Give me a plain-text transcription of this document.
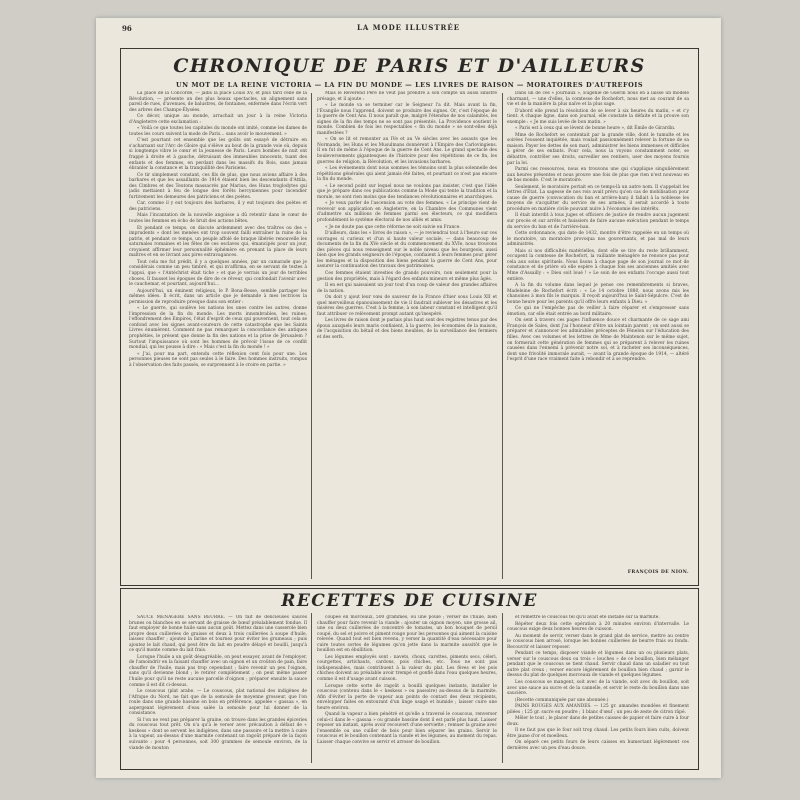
96	LA MODE ILLUSTRÉE
CHRONIQUE DE PARIS ET D'AILLEURS
UN MOT DE LA REINE VICTORIA — LA FIN DU MONDE — LES LIVRES DE RAISON — MORATOIRES D'AUTREFOIS

La place de la Concorde, — jadis la place Louis XV, et plus tard celle de la Révolution, — présente un des plus beaux spectacles, un alignement sans pareil de rues, d'avenues, de balustres, de fontaines, enfermée dans l'écrin vert des arbres des Champs-Élysées.

Ce décor, unique au monde, arrachait un jour à la reine Victoria d'Angleterre cette exclamation :

« Voilà ce que toutes les capitales du monde ont imité, comme les dames de toutes les cours suivent la mode de Paris… sans avoir le mouvement. »

C'est pourtant cet ensemble que les goûts ont essayé de détruire en s'acharnant sur l'Arc de Gloire qui s'élève au bout de la grande voie où, depuis si longtemps vibre le cœur et la jeunesse de Paris. Leurs bombes de nuit ont frappé à droite et à gauche, détruisant des immeubles innocents, tuant des enfants et des femmes, en perdant dans les massifs du Bois, sans jamais ébranler la constance et la tranquillité des Parisiens.

Ce tir simplement constant, ces fils de plus, que nous avions affaire à des barbares et que les assaillants de 1914 étaient bien les descendants d'Attila, des Cimbres et des Teutons massacrés par Marius, des Huns troglodytes qui jadis mettaient à feu de longue des forêts hercyniennes pour incendier furtivement les demeures des patriciens et des poètes.

Car, comme il y eut toujours des barbares, il y eut toujours des poètes et des patriciens.

Mais l'incantation de la nouvelle angoisse a dû retentir dans le cœur de toutes les femmes en écho de bruit des actions bêtes.

Et pendant ce temps, on discute ardemment avec des traîtres ou des « imprudents » dont les menées ont trop souvent failli entraîner la ruine de la patrie, et pendant ce temps, un peuple affolé de braque libérée renouvelle les saturnales romaines et les fêtes de ces esclaves qui, émancipés pour un jour, croyaient affirmer leur personnalité éphémère en prenant la place de leurs maîtres et en se livrant aux pires extravagances.

Tout cela me fut prédit, il y a quelques années, par un camarade que je considérais comme un peu timbré, et qui m'affirma, en se servant de textes à l'appui, que « l'Antéchrist était tiche » et que je verrais un jour de terribles choses. Il fausset les époques de dire de ce rêveur, qui confondait l'avenir avec le cauchemar, et pourtant, aujourd'hui…

Aujourd'hui, un éminent religieux, le P. Bona-Besse, semble partager les mêmes idées. Il écrit, dans un article que je demande à mes lectrices la permission de reproduire presque dans son entier :

« Le guerre, qui soulève les nations les unes contre les autres, donne l'impression de la fin du monde. Les morts innombrables, les ruines, l'effondrement des Empires, l'état d'esprit de ceux qui gouvernent, tout cela se confond avec les signes avant-coureurs de cette catastrophe que les Saints Livres énumèrent. Comment ne pas remarquer la concordance des antiques prophéties, le présent que donne la fin des nations et la prise de Jérusalem ? Surtout l'impuissance où sont les hommes de prévoir l'issue de ce conflit mondial, qui les pousse à dire : « Mais c'est la fin du monde ! »

« J'ai, pour ma part, entendu cette réflexion cent fois pour une. Les personnes pieuses ne sont pas seules à le faire. Des hommes instruits, rompus à l'observation des faits passés, se surprennent à le croire en partie. »

Mais le Révérend Père ne veut pas prendre à son compte un aussi sinistre présage, et il ajoute :

« Le monde va se terminer car le Seigneur l'a dit. Mais avant la fin, l'Évangile nous l'apprend, doivent se produire des signes. Or, c'est l'époque de la guerre de Cent Ans. Il nous paraît que, malgré l'étendue de nos calamités, les signes de la fin des temps ne se sont pas présentés. La Providence soutient le monde. Combien de fois les respectables « fin du monde » se sont-elles déjà manifestées ?

« On se lit et remonter au IVe et au Ve siècles avec les assauts que les Normands, les Huns et les Musulmans donnèrent à l'Empire des Carlovingiens. Il en fut de même à l'époque de la guerre de Cent Ans. Le grand spectacle des bouleversements gigantesques de l'histoire pour des répétitions de ce fin, les guerres de religion, la Révolution, et les invasions barbares.

« Les événements dont nous sommes les témoins sont la plus solennelle des répétitions générales qui aient jamais été faites, et pourtant ce n'est pas encore la fin du monde.

« Le second point sur lequel nous ne voulons pas insister, c'est que l'idée que je prépare dans ces publications comme la Mode qui tente la tradition et la morale, ne sont rien moins que des tendances révolutionnaires et anarchiques.

« Je veux parler de l'ascension au vote des femmes. « Le principe vient de recevoir son application en Angleterre, en la Chambre des Communes vient d'admettre six millions de femmes parmi ses électeurs, ce qui modifiera profondément le système électoral de nos alliés et amis.

« Je ne doute pas que cette réforme ne soit suivie en France.

D'ailleurs, dans les « livres de raison », — je reviendrai tout à l'heure sur ces ouvrages si curieux et d'un si haute valeur sociale, — dans beaucoup de documents de la fin du XVe siècle et du commencement du XVIe, nous trouvons des pièces qui nous renseignent sur le noble niveau que les bourgeois, aussi bien que les grands seigneurs de l'époque, confiaient à leurs femmes pour gérer les ménages et la disposition des biens pendant la guerre de Cent Ans, pour assurer la continuation des travaux des patrimoines.

Ces femmes étaient investies de grands pouvoirs, non seulement pour la gestion des propriétés, mais à l'égard des enfants mineurs et même plus âgés.

Il en est qui naissaient un jour tout d'un coup de valeur des grandes affaires de la nation.

On doit y ajout leur vœu de sauveur de la France d'hier sous Louis XII et quel merveilleux épanouissement de vie il faudrait sublever les désastres et les misères des guerres. C'est à la femme, à son labeur constant et intelligent qu'il faut attribuer ce relèvement prompt autant qu'inespéré.

Les livres de raison dont je parlais plus haut sont des registres tenus par des époux auxquels leurs maris confiaient, à la guerre, les économies de la maison, de l'acquisition du bétail et des biens meubles, de la surveillance des fermiers et des serfs.

Dans un de ces « journaux », Eugénie de Guérin nous en a laissé un modèle charmant, — une d'elles, la comtesse de Rochefort, nous met au courant de sa vie et de la manière la plus naïve et la plus sage.

D'abord elle prend la résolution de se lever à six heures du matin, « et c'y tient. A chaque ligne, dans son journal, elle constate la défaite et la prouve son exemple : « Je me suis levée de bon matin. »

« Paris est à ceux qui se lèvent de bonne heure », dit Émile de Girardin.

Mme de Rochefort se contentait par la grande ville, dont le tumulte et les soirées l'eussent inquiétée, mais voulait passionnément relever la fortune de sa maison. Payer les dettes de son mari, administrer les biens immenses et difficiles à gérer de ses enfants. Pour cela, nous la voyons constamment noter, se débattre, contrôler ses droits, surveiller ses rentiers, user des moyens fournis par la loi.

Parmi ces ressources, nous en trouvons une qui s'applique singulièrement aux heures présentes et nous prouve une fois de plus que rien n'est nouveau en de bas monde. C'est le moratoire.

Seulement, le moratoire portait en ce temps-là un autre nom. Il s'appelait les lettres d'État. La sagesse de nos rois avait prévu qu'en cas de mobilisation pour cause de guerre (convocation du ban et arrière-ban) il fallait à la noblesse les moyens de s'acquitter du service de ses armées, il serait accordé à toute procédure en matière civile pouvant nuire à l'économie des intérêts.

Il était interdit à tous juges et officiers de justice de rendre aucun jugement sur procès et sur arrêts et huissiers de faire aucune exécution pendant le temps du service du ban et de l'arrière-ban.

Cette ordonnance, qui date de 1432, montre d'être rappelée en un temps où le moratoire, un moratoire provoqua nos gouvernants, et pas mal de leurs administrés.

Mais si nos difficultés matérielles, dont elle se tire du reste brillamment, occupent la comtesse de Rochefort, la vaillante ménagère ne renonce pas pour cela aux soins spirituels. Nous lisons à chaque page de son journal ce mot de constance et de prière où elle espère à chaque fois ses anciennes amitiés avec Mme d'Assailly : « Dieu soit loué ! » Le soin de ses enfants l'occupe aussi tout entière.

A la fin du volume dans lequel je pense ces remembrements si braves, Madeleine de Rochefort écrit : « Le 14 octobre 1880, nous avons mis les chanoines à mon fils le marquis. Il reçoit aujourd'hui le Saint-Sépulcre. C'est de bonne heure pour les parents qu'il offre leurs enfants à Dieu. »

Ce qui ne l'empêche pas de veiller à faire réparer et s'empresser sans émotion, car elle était entrée au bord militaire.

On sent à travers ces pages l'influence douce et charmante de ce sage ami François de Sales, dont j'ai l'honneur d'être un lointain parent ; on sent aussi se préparer et s'annoncer les admirables préceptes de Fénelon sur l'éducation des filles. Avec ces volumes et les lettres de Mme de Maintenon sur le même sujet, on formerait cette génération de femmes qui se préparent à relever les ruines causées dans l'ennemi à prévenir notre sol, et à racheter ses inconséquences, dont une frivolité immorale aurait, — avant la grande époque de 1914, — altéré l'esprit d'une race vraiment faite à rebondir et à se reprendre.

FRANÇOIS DE NION.
RECETTES DE CUISINE

SAUCE MÉNAGÈRE SANS BEURRE. — On fait de délicieuses sauces brunes ou blanches en se servant de graisse de bœuf préalablement fondue. Il faut employer de bonne huile sans aucun goût. Mettez dans une casserole bien propre deux cuillerées de graisse et deux à trois cuillerées à soupe d'huile, laissez chauffer ; ajoutez la farine et tournez pour éviter les grumeaux ; puis ajoutez le lait chaud, qui peut être du lait en poudre délayé et bouilli, jusqu'à ce qu'il monte comme du lait frais.

Lorsque l'huile a un goût désagréable, on peut essayer, avant de l'employer, de l'amoindrir en la faisant chauffer avec un oignon et un croûton de pain, faire chauffer de l'huile, mais pas trop cependant ; faire revenir un peu l'oignon, sans qu'il devienne blond ; le retirer complètement ; on peut même passer l'huile pour qu'il ne reste aucune parcelle d'oignon ; préparer ensuite la sauce comme il est dit ci-dessus.

Le couscous (plat arabe. — Le couscous, plat national des indigènes de l'Afrique du Nord, ne fait que de la semoule de moyenne grosseur, que l'on roule dans une grande bassine en bois en préférence, appelée « gassaa », en aspergeant légèrement d'eau salée la semoule pour lui donner de la consistance.

Si l'on ne veut pas préparer la graine, on trouve dans les grandes épiceries du couscous tout prêt. On n'a qu'à le verser avec précaution à défaut de « keskess » dont se servent les indigènes, dans une passoire et la mettre à cuire à la vapeur, au-dessus d'une marmite contenant un ragoût préparé de la façon suivante : pour 4 personnes, soit 300 grammes de semoule environ, de la viande de mouton

coupée en morceaux, 500 grammes, ou une poule ; verser de l'huile, bien chauffer pour faire revenir la viande : ajouter un oignon moyen, une grosse ail, une ou deux cuillerées de concentré de tomates, un bon bouquet de persil coupé, du sel et poivre et piment rouge pour les personnes qui aiment la cuisine relevée. Quand tout est bien revenu, y verser la quantité d'eau nécessaire pour cuire toutes sortes de légumes qu'on jette dans la marmite aussitôt que le bouillon est en ébullition.

Les légumes employés sont : navets, choux, carottes, piments secs, céleri, courgettes, artichauts, cardons, pois chiches, etc. Tous ne sont pas indispensables, mais contribuent à la valeur du plat. Les fèves et les pois chiches doivent au préalable avoir trempé et gonflé dans l'eau quelques heures, comme il est d'usage avant cuisson.

Lorsque cette sorte de ragoût a bouilli quelques instants, installer le couscous (contenu dans le « keskess » ou passoire) au-dessus de la marmite. Afin d'éviter la perte de vapeur aux points de contact des deux récipients, envelopper faites en entourant d'un linge usagé et humide ; laisser cuire une heure environ.

Quand la vapeur a bien pénétré et qu'elle a traversé le couscous, renverser celui-ci dans le « gassaa » ou grande bassine dont il est parlé plus haut. Laisser reposer un instant, après avoir recouvert d'une serviette ; remuer la graine avec l'ensemble ou une cuiller de bois pour bien séparer les grains. Servir le couscous et le bouillon contenant la viande et les légumes, au moment du repas. Laisser chaque convive se servir et arroser de bouillon.

et remettre le couscous tel qu'il avait été installé sur la marmite.

Répéter deux fois cette opération à 20 minutes environ d'intervalle. Le couscous exige deux bonnes heures de cuisson.

Au moment de servir, verser dans le grand plat de service, mettre au centre le couscous bien arrosé, lorsque les bonnes cuillerées de beurre frais ou fondu. Recouvrir et laisser reposer.

Pendant ce temps, disposer viande et légumes dans un ou plusieurs plats, verser sur le couscous deux ou trois « louches » de ce bouillon, bien mélanger pendant que le couscous se tient chaud. Servir chaud dans un saladier ou tout autre plat creux ; verser encore légèrement de bouillon bien chaud ; garnir le dessus du plat de quelques morceaux de viande et quelques légumes.

Les couscous se mangent, soit avec de la viande, soit avec du bouillon, soit avec une sauce au sucre et de la cannelle, et servir le reste du bouillon dans une saucière.

(Recette communiquée par une abonnée.)

PAINS ROUGES AUX AMANDES. — 125 gr. amandes mondées et finement pilées ; 125 gr. sucre en poudre ; 1 blanc d'œuf ; un peu de zeste de citron râpé.

Mêler le tout ; le placer dans de petites caisses de papier et faire cuire à four doux.

Il ne faut pas que le four soit trop chaud. Les petits fours bien cuits, doivent être jaune d'or et moelleux.

On séparé ces petits fours de leurs caisses en humectant légèrement ces dernières avec un peu d'eau douce.
